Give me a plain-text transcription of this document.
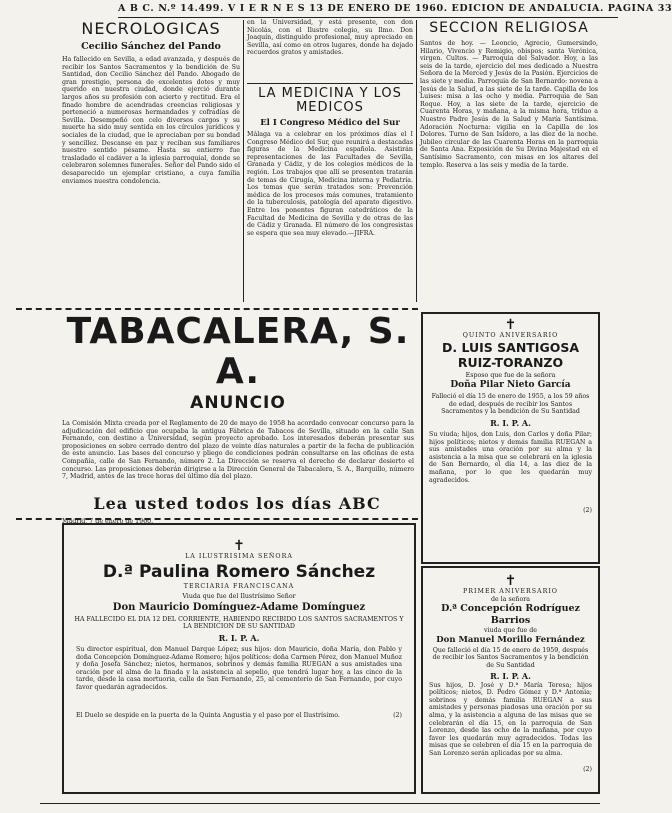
A B C. N.º 14.499. V I E R N E S 13 DE ENERO DE 1960. EDICION DE ANDALUCIA. PAGINA 33
NECROLOGICAS
Cecilio Sánchez del Pando
Ha fallecido en Sevilla, a edad avanzada, y después de recibir los Santos Sacramentos y la bendición de Su Santidad, don Cecilio Sánchez del Pando. Abogado de gran prestigio, persona de excelentes dotes y muy querido en nuestra ciudad, donde ejerció durante largos años su profesión con acierto y rectitud. Era el finado hombre de acendradas creencias religiosas y perteneció a numerosas hermandades y cofradías de Sevilla. Desempeñó con celo diversos cargos y su muerte ha sido muy sentida en los círculos jurídicos y sociales de la ciudad, que le apreciaban por su bondad y sencillez. Descanse en paz y reciban sus familiares nuestro sentido pésame. Hasta su entierro fue trasladado el cadáver a la iglesia parroquial, donde se celebraron solemnes funerales. Señor del Pando sido el desaparecido un ejemplar cristiano, a cuya familia enviamos nuestra condolencia.
en la Universidad, y está presente, con don Nicolás, con el Ilustre colegio, su Ilmo. Don Joaquín, distinguido profesional, muy apreciado en Sevilla, así como en otros lugares, donde ha dejado recuerdos gratos y amistades.
LA MEDICINA Y LOS MEDICOS
El I Congreso Médico del Sur
Málaga va a celebrar en los próximos días el I Congreso Médico del Sur, que reunirá a destacadas figuras de la Medicina española. Asistirán representaciones de las Facultades de Sevilla, Granada y Cádiz, y de los colegios médicos de la región. Los trabajos que allí se presenten tratarán de temas de Cirugía, Medicina interna y Pediatría. Los temas que serán tratados son: Prevención médica de los procesos más comunes, tratamiento de la tuberculosis, patología del aparato digestivo. Entre los ponentes figuran catedráticos de la Facultad de Medicina de Sevilla y de otras de las de Cádiz y Granada. El número de los congresistas se espera que sea muy elevado.—JIFRA.
SECCION RELIGIOSA
Santos de hoy. — Leoncio, Agrecio, Gumersindo, Hilario, Vivencio y Remigio, obispos; santa Verónica, virgen. Cultos. — Parroquia del Salvador. Hoy, a las seis de la tarde, ejercicio del mes dedicado a Nuestra Señora de la Merced y Jesús de la Pasión. Ejercicios de las siete y media. Parroquia de San Bernardo: novena a Jesús de la Salud, a las siete de la tarde. Capilla de los Luises: misa a las ocho y media. Parroquia de San Roque. Hoy, a las siete de la tarde, ejercicio de Cuarenta Horas, y mañana, a la misma hora, triduo a Nuestro Padre Jesús de la Salud y María Santísima. Adoración Nocturna: vigilia en la Capilla de los Dolores. Turno de San Isidoro, a las diez de la noche. Jubileo circular de las Cuarenta Horas en la parroquia de Santa Ana. Exposición de Su Divina Majestad en el Santísimo Sacramento, con misas en los altares del templo. Reserva a las seis y media de la tarde.
TABACALERA, S. A.
ANUNCIO
La Comisión Mixta creada por el Reglamento de 20 de mayo de 1958 ha acordado convocar concurso para la adjudicación del edificio que ocupaba la antigua Fábrica de Tabacos de Sevilla, situado en la calle San Fernando, con destino a Universidad, según proyecto aprobado. Los interesados deberán presentar sus proposiciones en sobre cerrado dentro del plazo de veinte días naturales a partir de la fecha de publicación de este anuncio. Las bases del concurso y pliego de condiciones podrán consultarse en las oficinas de esta Compañía, calle de San Fernando, número 2. La Dirección se reserva el derecho de declarar desierto el concurso. Las proposiciones deberán dirigirse a la Dirección General de Tabacalera, S. A., Barquillo, número 7, Madrid, antes de las trece horas del último día del plazo.
Madrid, 7 de enero de 1960.
Lea usted todos los días ABC
✝
LA ILUSTRISIMA SEÑORA
D.ª Paulina Romero Sánchez
TERCIARIA FRANCISCANA
Viuda que fue del Ilustrísimo Señor
Don Mauricio Domínguez-Adame Domínguez
HA FALLECIDO EL DIA 12 DEL CORRIENTE, HABIENDO RECIBIDO LOS SANTOS SACRAMENTOS Y LA BENDICION DE SU SANTIDAD
R. I. P. A.
Su director espiritual, don Manuel Darque López; sus hijos: don Mauricio, doña María, don Pablo y doña Concepción Domínguez-Adame Romero; hijos políticos: doña Carmen Pérez, don Manuel Muñoz y doña Josefa Sánchez; nietos, hermanos, sobrinos y demás familia RUEGAN a sus amistades una oración por el alma de la finada y la asistencia al sepelio, que tendrá lugar hoy, a las cinco de la tarde, desde la casa mortuoria, calle de San Fernando, 25, al cementerio de San Fernando, por cuyo favor quedarán agradecidos.
El Duelo se despide en la puerta de la Quinta Angustia y el paso por el Ilustrísimo.	(2)
✝
QUINTO ANIVERSARIO
D. LUIS SANTIGOSA RUIZ-TORANZO
Esposo que fue de la señora
Doña Pilar Nieto García
Falleció el día 15 de enero de 1955, a los 59 años de edad, después de recibir los Santos Sacramentos y la bendición de Su Santidad
R. I. P. A.
Su viuda; hijos, don Luis, don Carlos y doña Pilar; hijos políticos; nietos y demás familia RUEGAN a sus amistades una oración por su alma y la asistencia a la misa que se celebrará en la iglesia de San Bernardo, el día 14, a las diez de la mañana, por lo que les quedarán muy agradecidos.
(2)
✝
PRIMER ANIVERSARIO
de la señora
D.ª Concepción Rodríguez Barrios
viuda que fue de
Don Manuel Morillo Fernández
Que falleció el día 15 de enero de 1959, después de recibir los Santos Sacramentos y la bendición de Su Santidad
R. I. P. A.
Sus hijos, D. José y D.ª María Teresa; hijos políticos; nietos, D. Pedro Gómez y D.ª Antonia; sobrinos y demás familia RUEGAN a sus amistades y personas piadosas una oración por su alma, y la asistencia a alguna de las misas que se celebrarán el día 15, en la parroquia de San Lorenzo, desde las ocho de la mañana, por cuyo favor les quedarán muy agradecidos. Todas las misas que se celebren el día 15 en la parroquia de San Lorenzo serán aplicadas por su alma.
(2)
